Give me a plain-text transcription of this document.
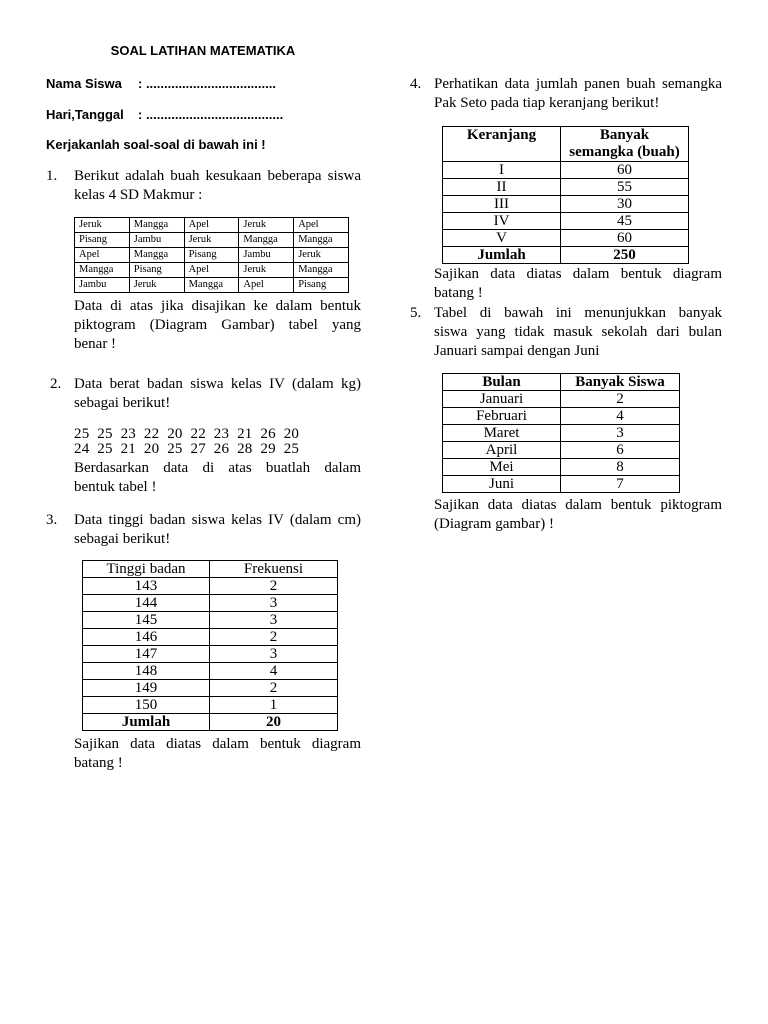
SOAL LATIHAN MATEMATIKA
Nama Siswa : ....................................
Hari,Tanggal : ......................................
Kerjakanlah soal-soal di bawah ini !
1. Berikut adalah buah kesukaan beberapa siswa
kelas 4 SD Makmur :
Jeruk	Mangga	Apel	Jeruk	Apel
Pisang	Jambu	Jeruk	Mangga	Mangga
Apel	Mangga	Pisang	Jambu	Jeruk
Mangga	Pisang	Apel	Jeruk	Mangga
Jambu	Jeruk	Mangga	Apel	Pisang
Data di atas jika disajikan ke dalam bentuk
piktogram (Diagram Gambar) tabel yang
benar !
2. Data berat badan siswa kelas IV (dalam kg)
sebagai berikut!
25  25  23  22  20  22  23  21  26  20
24  25  21  20  25  27  26  28  29  25
Berdasarkan data di atas buatlah dalam
bentuk tabel !
3. Data tinggi badan siswa kelas IV (dalam cm)
sebagai berikut!
Tinggi badan	Frekuensi
143	2
144	3
145	3
146	2
147	3
148	4
149	2
150	1
Jumlah	20
Sajikan data diatas dalam bentuk diagram
batang !
4. Perhatikan data jumlah panen buah semangka
Pak Seto pada tiap keranjang berikut!
Keranjang	Banyak
semangka (buah)

I	60
II	55
III	30
IV	45
V	60
Jumlah	250
Sajikan data diatas dalam bentuk diagram
batang !
5. Tabel di bawah ini menunjukkan banyak
siswa yang tidak masuk sekolah dari bulan
Januari sampai dengan Juni
Bulan	Banyak Siswa
Januari	2
Februari	4
Maret	3
April	6
Mei	8
Juni	7
Sajikan data diatas dalam bentuk piktogram
(Diagram gambar) !
